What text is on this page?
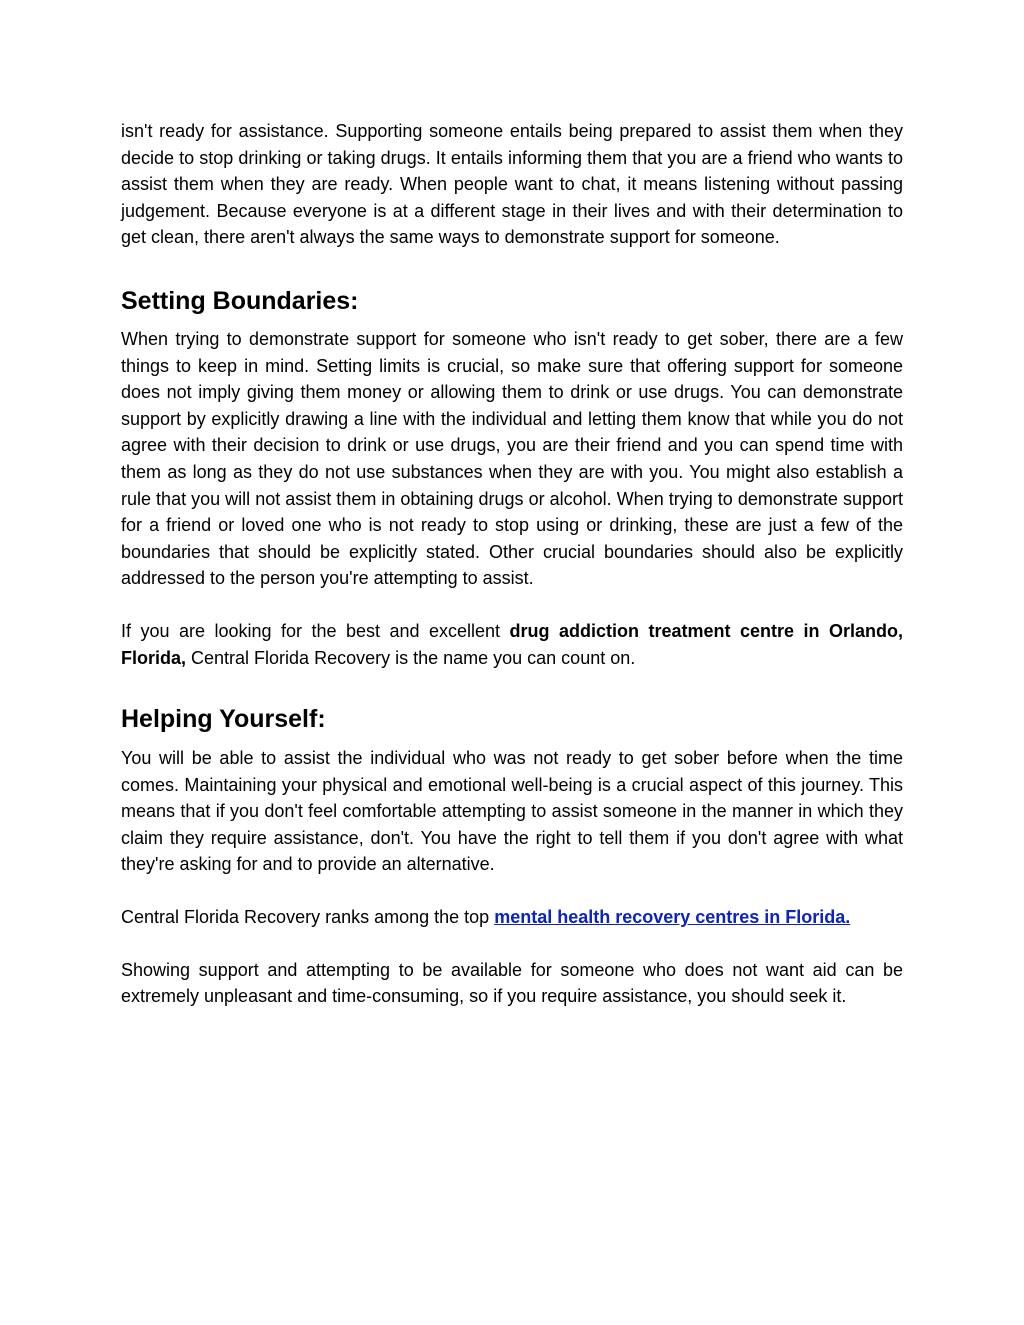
isn't ready for assistance. Supporting someone entails being prepared to assist them when they decide to stop drinking or taking drugs. It entails informing them that you are a friend who wants to assist them when they are ready. When people want to chat, it means listening without passing judgement. Because everyone is at a different stage in their lives and with their determination to get clean, there aren't always the same ways to demonstrate support for someone.

Setting Boundaries:

When trying to demonstrate support for someone who isn't ready to get sober, there are a few things to keep in mind. Setting limits is crucial, so make sure that offering support for someone does not imply giving them money or allowing them to drink or use drugs. You can demonstrate support by explicitly drawing a line with the individual and letting them know that while you do not agree with their decision to drink or use drugs, you are their friend and you can spend time with them as long as they do not use substances when they are with you. You might also establish a rule that you will not assist them in obtaining drugs or alcohol. When trying to demonstrate support for a friend or loved one who is not ready to stop using or drinking, these are just a few of the boundaries that should be explicitly stated. Other crucial boundaries should also be explicitly addressed to the person you're attempting to assist.

If you are looking for the best and excellent drug addiction treatment centre in Orlando, Florida, Central Florida Recovery is the name you can count on.

Helping Yourself:

You will be able to assist the individual who was not ready to get sober before when the time comes. Maintaining your physical and emotional well-being is a crucial aspect of this journey. This means that if you don't feel comfortable attempting to assist someone in the manner in which they claim they require assistance, don't. You have the right to tell them if you don't agree with what they're asking for and to provide an alternative.

Central Florida Recovery ranks among the top mental health recovery centres in Florida.

Showing support and attempting to be available for someone who does not want aid can be extremely unpleasant and time-consuming, so if you require assistance, you should seek it.
